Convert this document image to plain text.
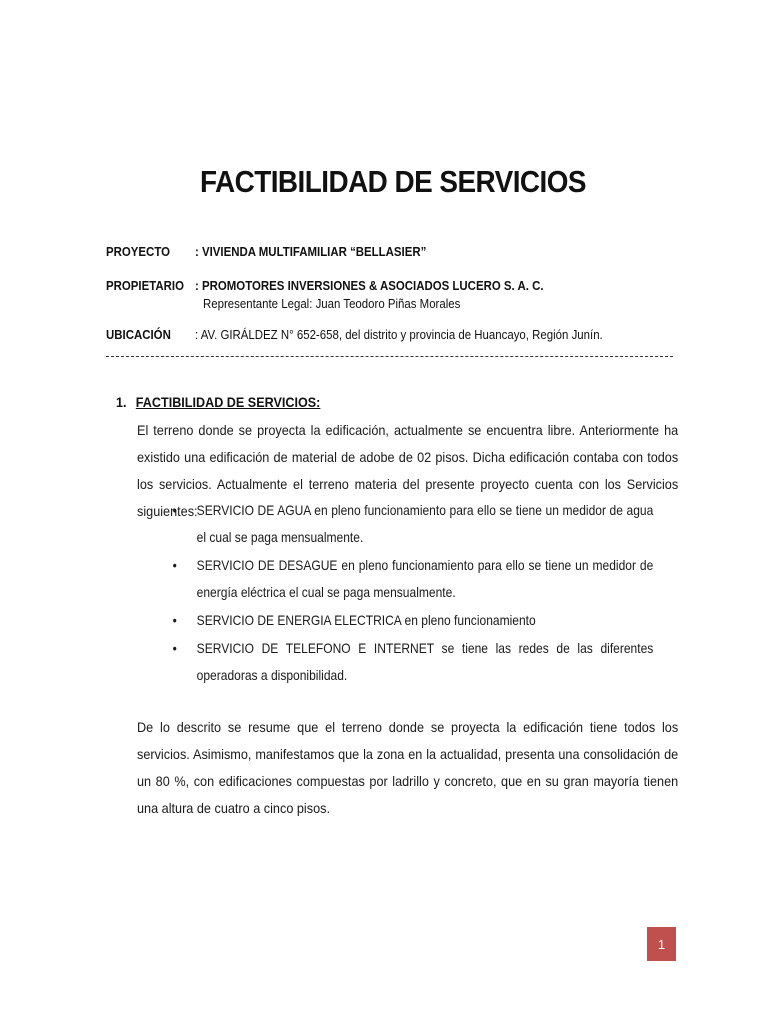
FACTIBILIDAD DE SERVICIOS
PROYECTO : VIVIENDA MULTIFAMILIAR “BELLASIER”
PROPIETARIO : PROMOTORES INVERSIONES & ASOCIADOS LUCERO S. A. C.
Representante Legal: Juan Teodoro Piñas Morales
UBICACIÓN : AV. GIRÁLDEZ N° 652-658, del distrito y provincia de Huancayo, Región Junín.
1. FACTIBILIDAD DE SERVICIOS:
El terreno donde se proyecta la edificación, actualmente se encuentra libre. Anteriormente ha existido una edificación de material de adobe de 02 pisos. Dicha edificación contaba con todos los servicios. Actualmente el terreno materia del presente proyecto cuenta con los Servicios siguientes:
• SERVICIO DE AGUA en pleno funcionamiento para ello se tiene un medidor de agua el cual se paga mensualmente.
• SERVICIO DE DESAGUE en pleno funcionamiento para ello se tiene un medidor de energía eléctrica el cual se paga mensualmente.
• SERVICIO DE ENERGIA ELECTRICA en pleno funcionamiento
• SERVICIO DE TELEFONO E INTERNET se tiene las redes de las diferentes operadoras a disponibilidad.
De lo descrito se resume que el terreno donde se proyecta la edificación tiene todos los servicios. Asimismo, manifestamos que la zona en la actualidad, presenta una consolidación de un 80 %, con edificaciones compuestas por ladrillo y concreto, que en su gran mayoría tienen una altura de cuatro a cinco pisos.
1
